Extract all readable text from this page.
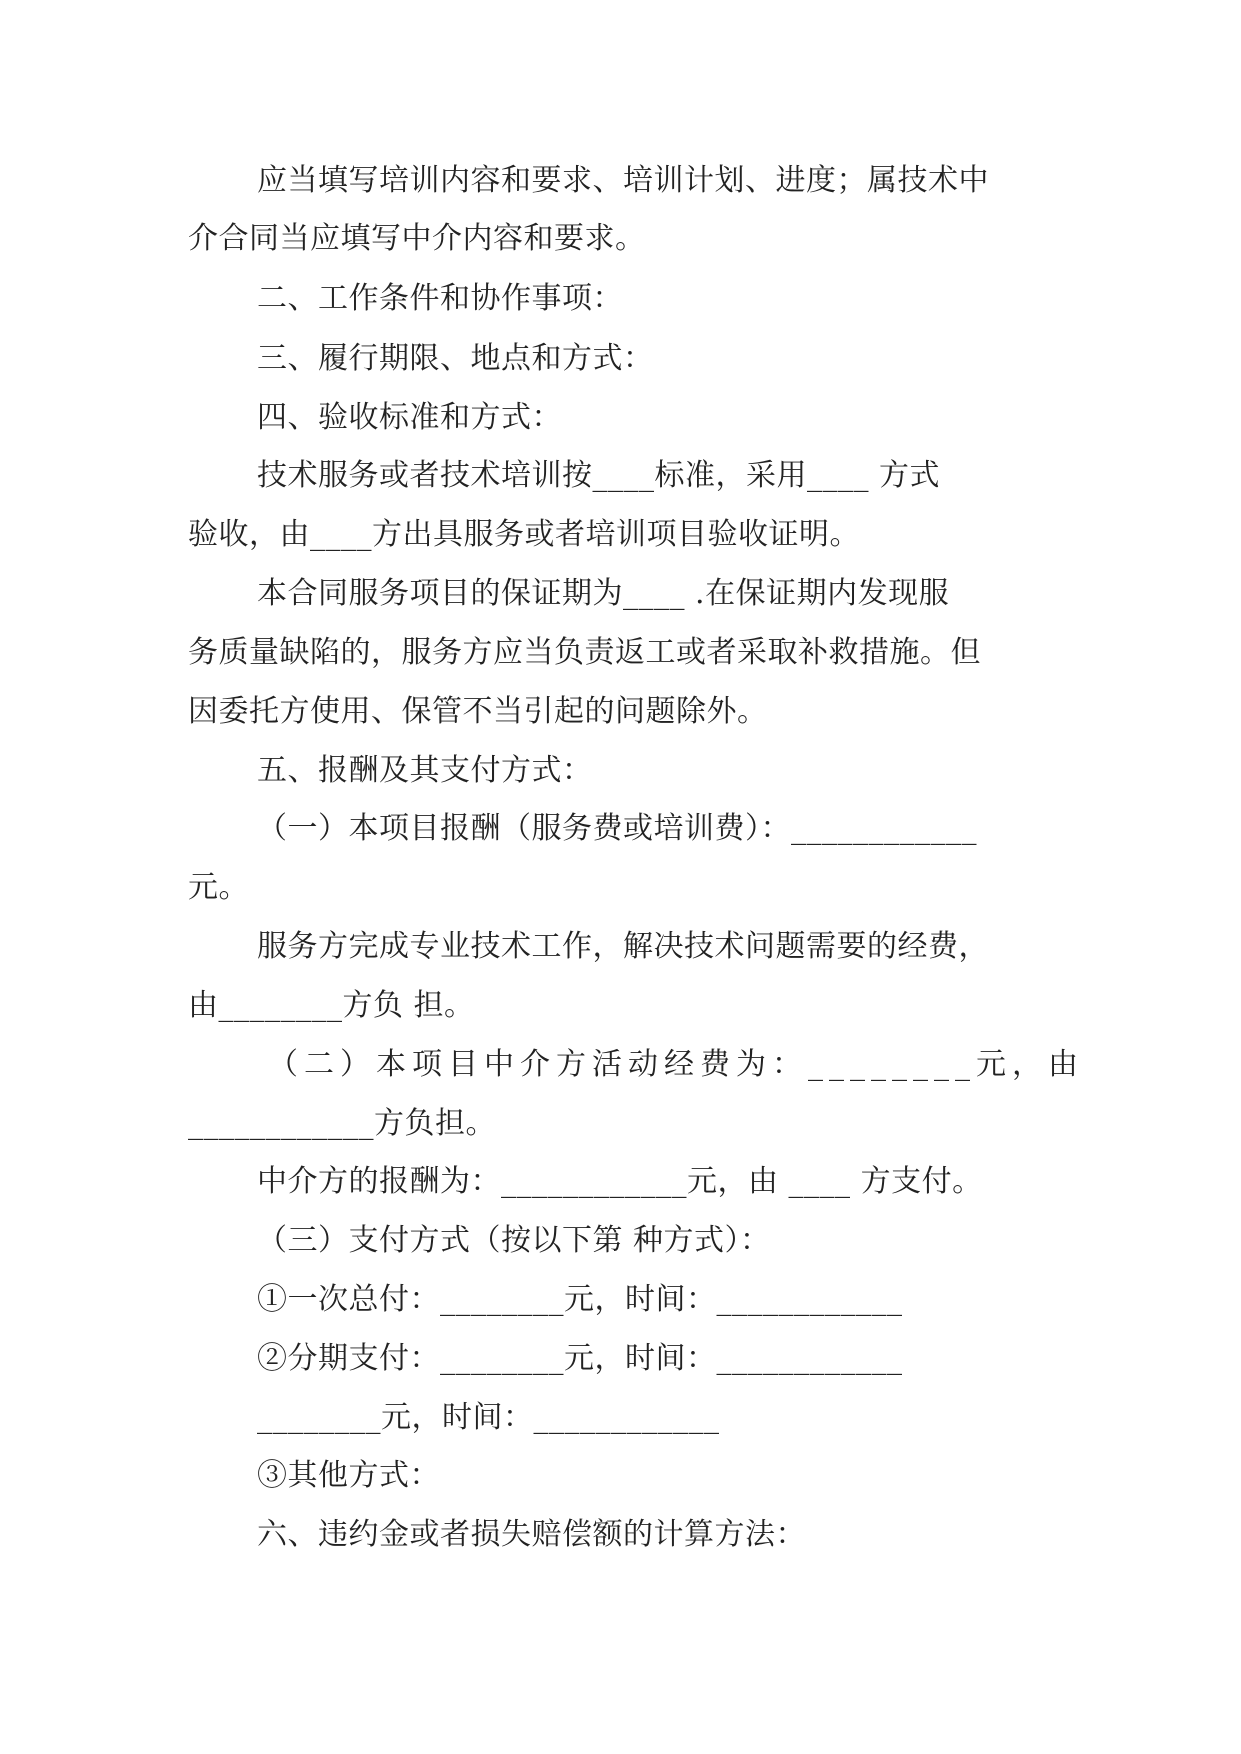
应当填写培训内容和要求、培训计划、进度；属技术中
介合同当应填写中介内容和要求。
二、工作条件和协作事项：
三、履行期限、地点和方式：
四、验收标准和方式：
技术服务或者技术培训按____标准，采用____ 方式
验收，由____方出具服务或者培训项目验收证明。
本合同服务项目的保证期为____ .在保证期内发现服
务质量缺陷的，服务方应当负责返工或者采取补救措施。但
因委托方使用、保管不当引起的问题除外。
五、报酬及其支付方式：
（一）本项目报酬（服务费或培训费）：____________
元。
服务方完成专业技术工作，解决技术问题需要的经费，
由________方负 担。
（二）本项目中介方活动经费为：________元，由
____________方负担。
中介方的报酬为：____________元，由 ____ 方支付。
（三）支付方式（按以下第 种方式）：
①一次总付：________元，时间：____________
②分期支付：________元，时间：____________
________元，时间：____________
③其他方式：
六、违约金或者损失赔偿额的计算方法：
